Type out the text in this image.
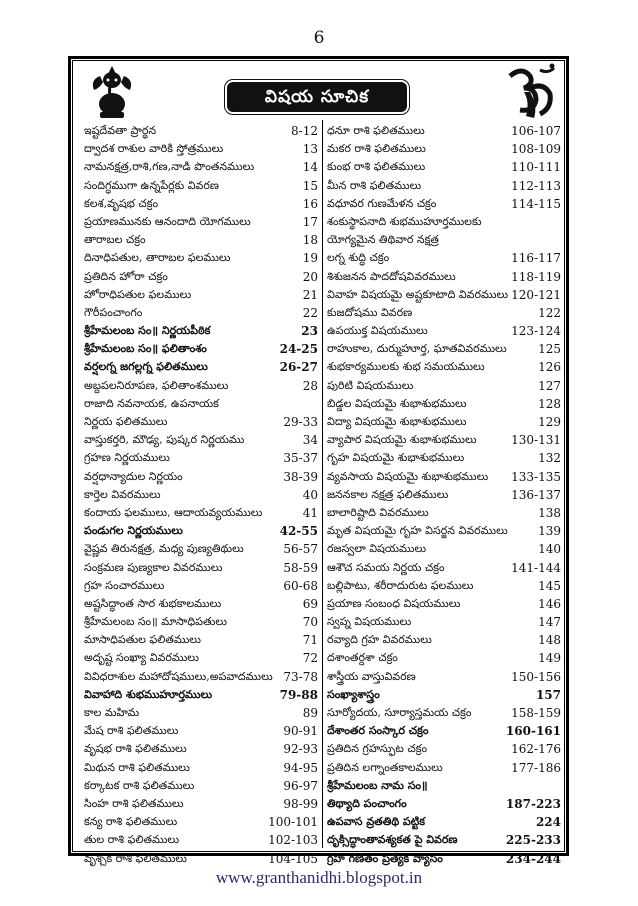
6
విషయ సూచిక
ఇష్టదేవతా ప్రార్థన	8-12
ద్వాదశ రాశుల వారికి స్తోత్రములు	13
నామనక్షత్ర,రాశి,గణ,నాడి పొంతనములు	14
సందిగ్ధముగా ఉన్నపేర్లకు వివరణ	15
కలశ,వృషభ చక్రం	16
ప్రయాణమునకు ఆనందాది యోగములు	17
తారాబల చక్రం	18
దినాధిపతుల, తారాబల ఫలములు	19
ప్రతిదిన హోరా చక్రం	20
హోరాధిపతుల ఫలములు	21
గౌరీపంచాంగం	22
శ్రీహేమలంబ సం॥ నిర్ణయపీఠిక	23
శ్రీహేమలంబ సం॥ ఫలితాంశం	24-25
వర్షలగ్న జగల్లగ్న ఫలితములు	26-27
అబ్దపలనిరూపణ, ఫలితాంశములు	28
రాజాది నవనాయక, ఉపనాయక
నిర్ణయ ఫలితములు	29-33
వాస్తుకర్తరి, మౌఢ్య, పుష్కర నిర్ణయము	34
గ్రహణ నిర్ణయములు	35-37
వర్షధాన్యాదుల నిర్ణయం	38-39
కార్తెల వివరములు	40
కందాయ ఫలములు, ఆదాయవ్యయములు	41
పండుగల నిర్ణయములు	42-55
వైష్ణవ తిరునక్షత్ర, మధ్య పుణ్యతిథులు	56-57
సంక్రమణ పుణ్యకాల వివరములు	58-59
గ్రహ సంచారములు	60-68
అష్టసిద్ధాంత సార శుభకాలములు	69
శ్రీహేమలంబ సం॥ మాసాధిపతులు	70
మాసాధిపతుల ఫలితములు	71
అదృష్ట సంఖ్యా వివరములు	72
వివిధరాశుల మహాదోషములు,అపవాదములు 73-78
వివాహాది శుభముహూర్తములు	79-88
కాల మహిమ	89
మేష రాశి ఫలితములు	90-91
వృషభ రాశి ఫలితములు	92-93
మిథున రాశి ఫలితములు	94-95
కర్కాటక రాశి ఫలితములు	96-97
సింహ రాశి ఫలితములు	98-99
కన్య రాశి ఫలితములు	100-101
తుల రాశి ఫలితములు	102-103
వృశ్చిక రాశి ఫలితములు	104-105
ధనూ రాశి ఫలితములు	106-107
మకర రాశి ఫలితములు	108-109
కుంభ రాశి ఫలితములు	110-111
మీన రాశి ఫలితములు	112-113
వధూవర గుణమేళన చక్రం	114-115
శంకుస్థాపనాది శుభముహూర్తములకు
యోగ్యమైన తిథివార నక్షత్ర
లగ్న శుద్ధి చక్రం	116-117
శిశుజనన పాదదోషవివరములు	118-119
వివాహ విషయమై అష్టకూటాది వివరములు 120-121
కుజదోషము వివరణ	122
ఉపయుక్త విషయములు	123-124
రాహుకాల, దుర్ముహూర్త, ఘాతవివరములు	125
శుభకార్యములకు శుభ సమయములు	126
పురిటి విషయములు	127
బిడ్డల విషయమై శుభాశుభములు	128
విద్యా విషయమై శుభాశుభములు	129
వ్యాపార విషయమై శుభాశుభములు	130-131
గృహ విషయమై శుభాశుభములు	132
వ్యవసాయ విషయమై శుభాశుభములు 133-135
జననకాల నక్షత్ర ఫలితములు	136-137
బాలారిష్టాది వివరములు	138
మృత విషయమై గృహ విసర్జన వివరములు	139
రజస్వలా విషయములు	140
ఆశౌచ సమయ నిర్ణయ చక్రం	141-144
బల్లిపాటు, శరీరాదురుట ఫలములు	145
ప్రయాణ సంబంధ విషయములు	146
స్వప్న విషయములు	147
రవ్యాది గ్రహ వివరములు	148
దశాంతర్దశా చక్రం	149
శాస్త్రీయ వాస్తువివరణ	150-156
సంఖ్యాశాస్త్రం	157
సూర్యోదయ, సూర్యాస్తమయ చక్రం	158-159
దేశాంతర సంస్కార చక్రం	160-161
ప్రతిదిన గ్రహస్ఫుట చక్రం	162-176
ప్రతిదిన లగ్నాంతకాలములు	177-186
శ్రీహేమలంబ నామ సం॥
తిథ్యాది పంచాంగం	187-223
ఉపవాస వ్రతతిథి పట్టిక	224
దృక్సిద్ధాంతావశ్యకత పై వివరణ	225-233
గ్రహ గణితం ప్రత్యేక వ్యాసం	234-244
www.granthanidhi.blogspot.in
